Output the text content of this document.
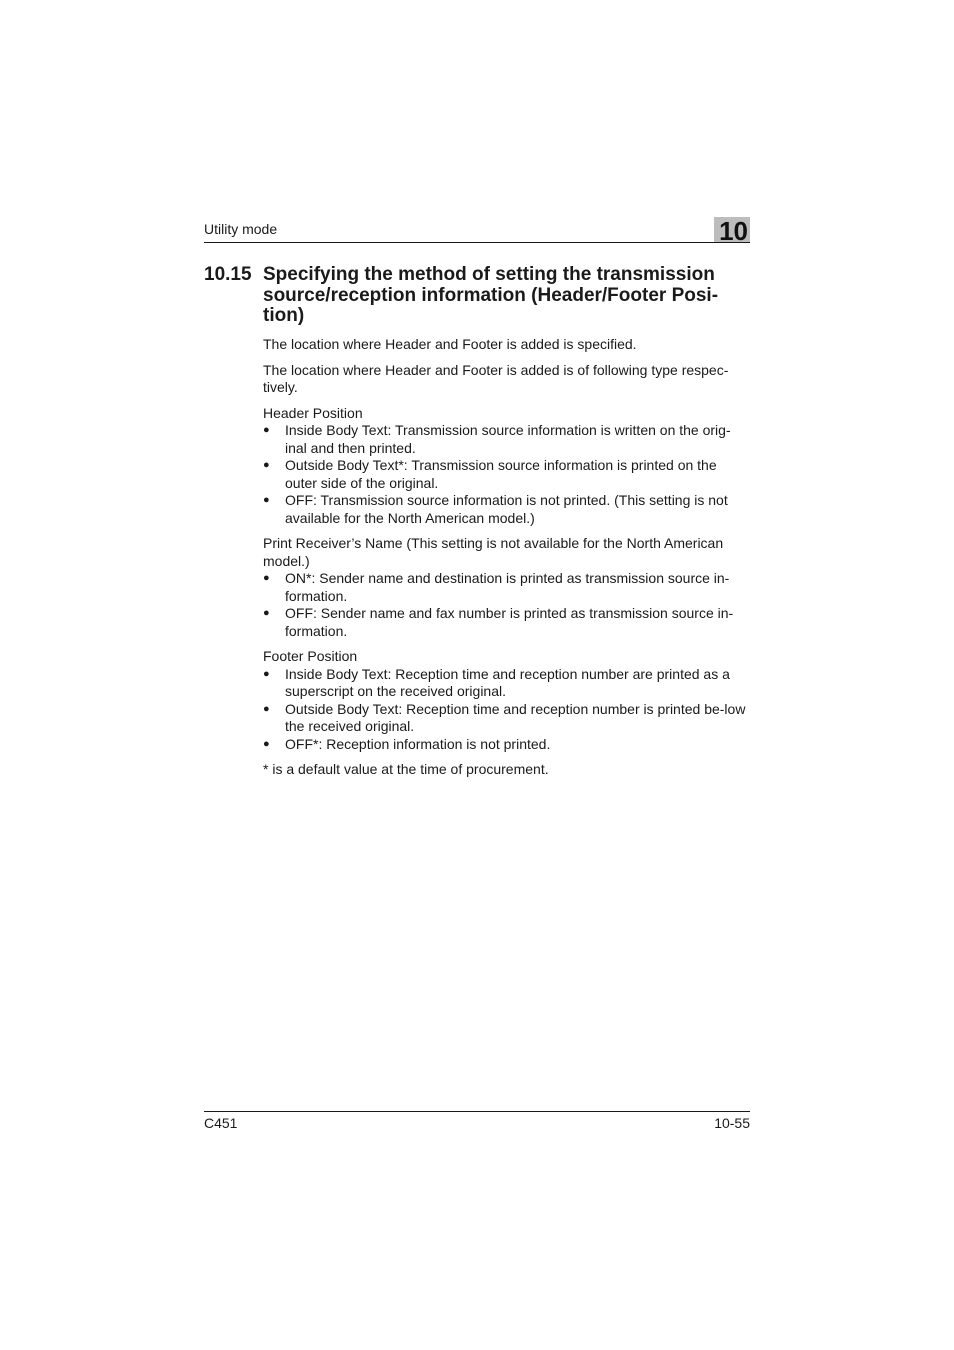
Utility mode	10
10.15 Specifying the method of setting the transmission source/reception information (Header/Footer Posi-tion)

The location where Header and Footer is added is specified.

The location where Header and Footer is added is of following type respec-tively.

Header Position

● Inside Body Text: Transmission source information is written on the orig-inal and then printed.
● Outside Body Text*: Transmission source information is printed on the outer side of the original.
● OFF: Transmission source information is not printed. (This setting is not available for the North American model.)

Print Receiver’s Name (This setting is not available for the North American model.)

● ON*: Sender name and destination is printed as transmission source in-formation.
● OFF: Sender name and fax number is printed as transmission source in-formation.

Footer Position

● Inside Body Text: Reception time and reception number are printed as a superscript on the received original.
● Outside Body Text: Reception time and reception number is printed be-low the received original.
● OFF*: Reception information is not printed.

* is a default value at the time of procurement.

C451	10-55
